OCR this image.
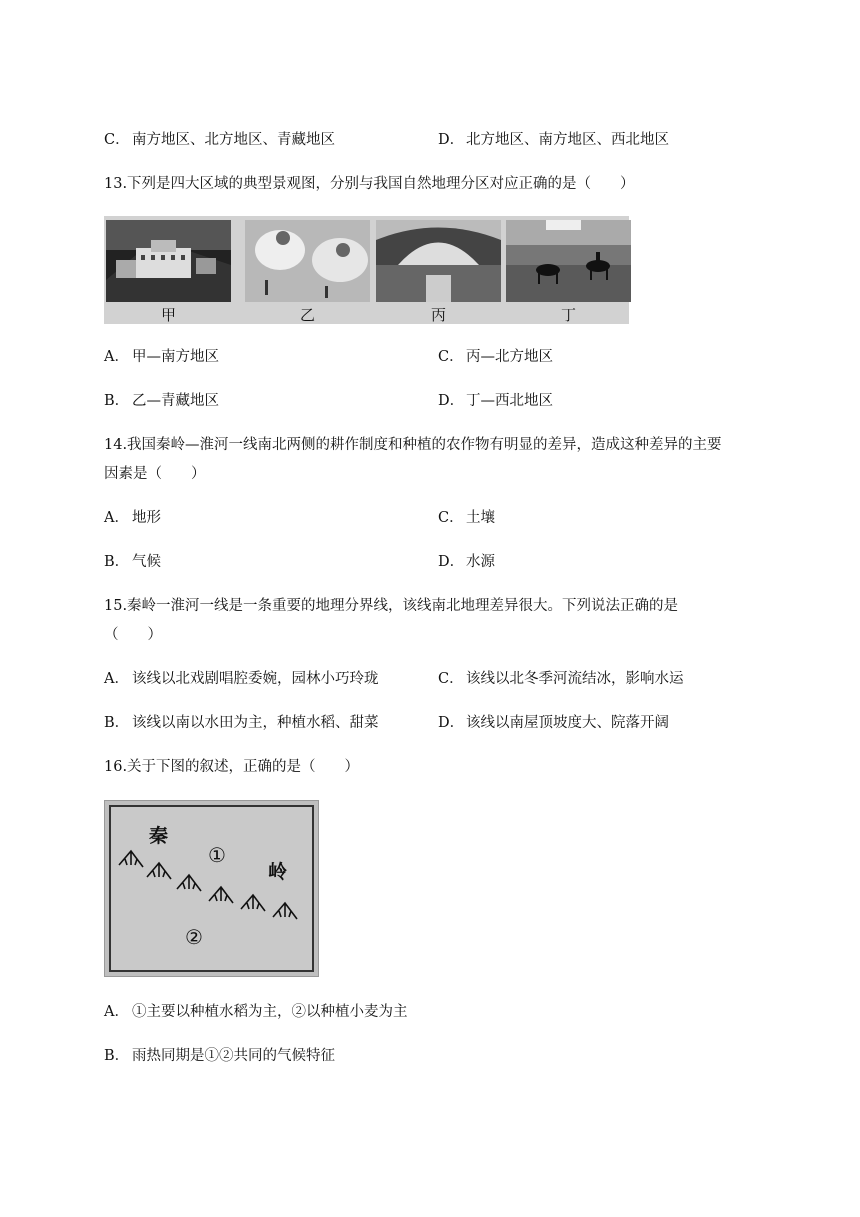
C． 南方地区、北方地区、青藏地区	D． 北方地区、南方地区、西北地区
13.下列是四大区域的典型景观图，分别与我国自然地理分区对应正确的是（　　）
甲	乙	丙	丁
A． 甲—南方地区	C． 丙—北方地区
B． 乙—青藏地区	D． 丁—西北地区
14.我国秦岭—淮河一线南北两侧的耕作制度和种植的农作物有明显的差异，造成这种差异的主要
因素是（　　）
A． 地形	C． 土壤
B． 气候	D． 水源
15.秦岭一淮河一线是一条重要的地理分界线，该线南北地理差异很大。下列说法正确的是
（　　）
A． 该线以北戏剧唱腔委婉，园林小巧玲珑	C． 该线以北冬季河流结冰，影响水运
B． 该线以南以水田为主，种植水稻、甜菜	D． 该线以南屋顶坡度大、院落开阔
16.关于下图的叙述，正确的是（　　）
秦
①
岭
②
A． ①主要以种植水稻为主，②以种植小麦为主
B． 雨热同期是①②共同的气候特征
